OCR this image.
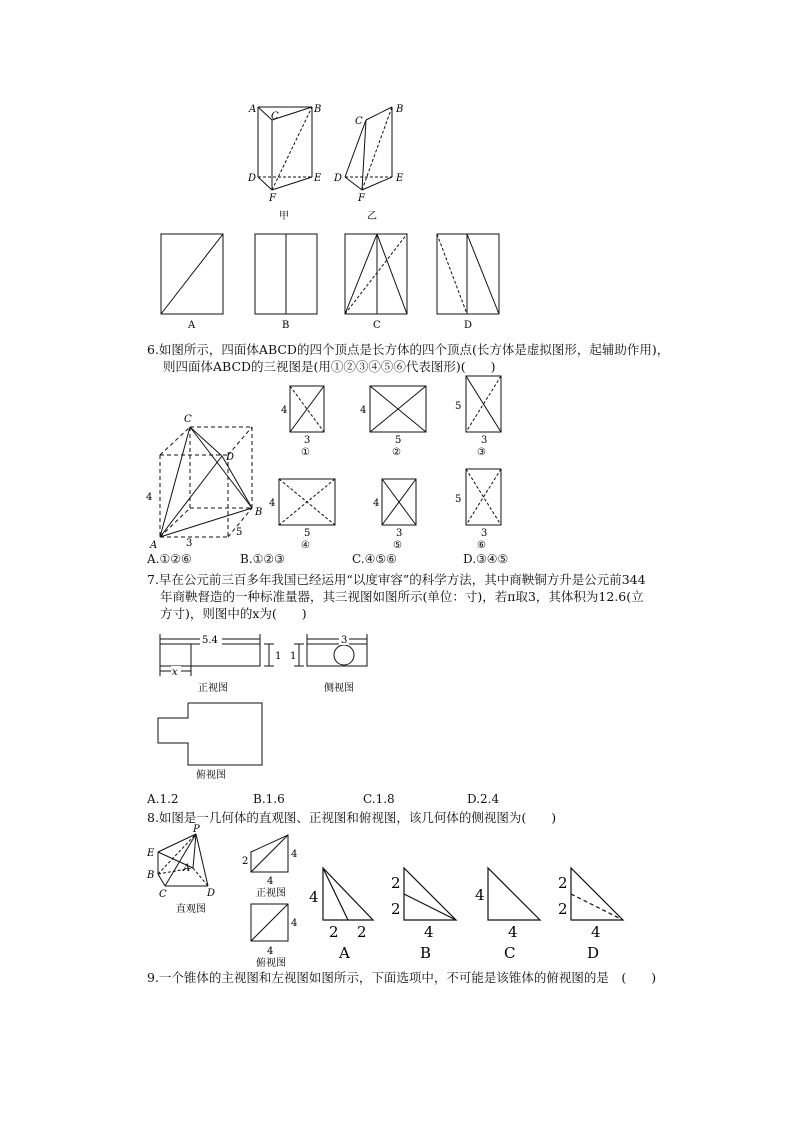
A	B
C
D	E
F
甲
B
C
D	E
F
乙
A	B	C	D
6.如图所示，四面体ABCD的四个顶点是长方体的四个顶点(长方体是虚拟图形，起辅助作用)，
则四面体ABCD的三视图是(用①②③④⑤⑥代表图形)(　　)
C
D
B
A
4
3
5
4
3
①
4
5
②
5
3
③
4
5
④
4
3
⑤
5
3
⑥
A.①②⑥	B.①②③	C.④⑤⑥	D.③④⑤
7.早在公元前三百多年我国已经运用“以度审容”的科学方法，其中商鞅铜方升是公元前344
年商鞅督造的一种标准量器，其三视图如图所示(单位：寸)，若π取3，其体积为12.6(立
方寸)，则图中的x为(　　)
5.4
x
1
正视图
3
1
侧视图
俯视图
A.1.2	B.1.6	C.1.8	D.2.4
8.如图是一几何体的直观图、正视图和俯视图，该几何体的侧视图为(　　)
P
E
B
A
C	D
直观图
2
4
4
正视图
4
4
俯视图
4
2 2
A
2
2
4
B
4
4
C
2
2
4
D
9.一个锥体的主视图和左视图如图所示，下面选项中，不可能是该锥体的俯视图的是　(　　)
